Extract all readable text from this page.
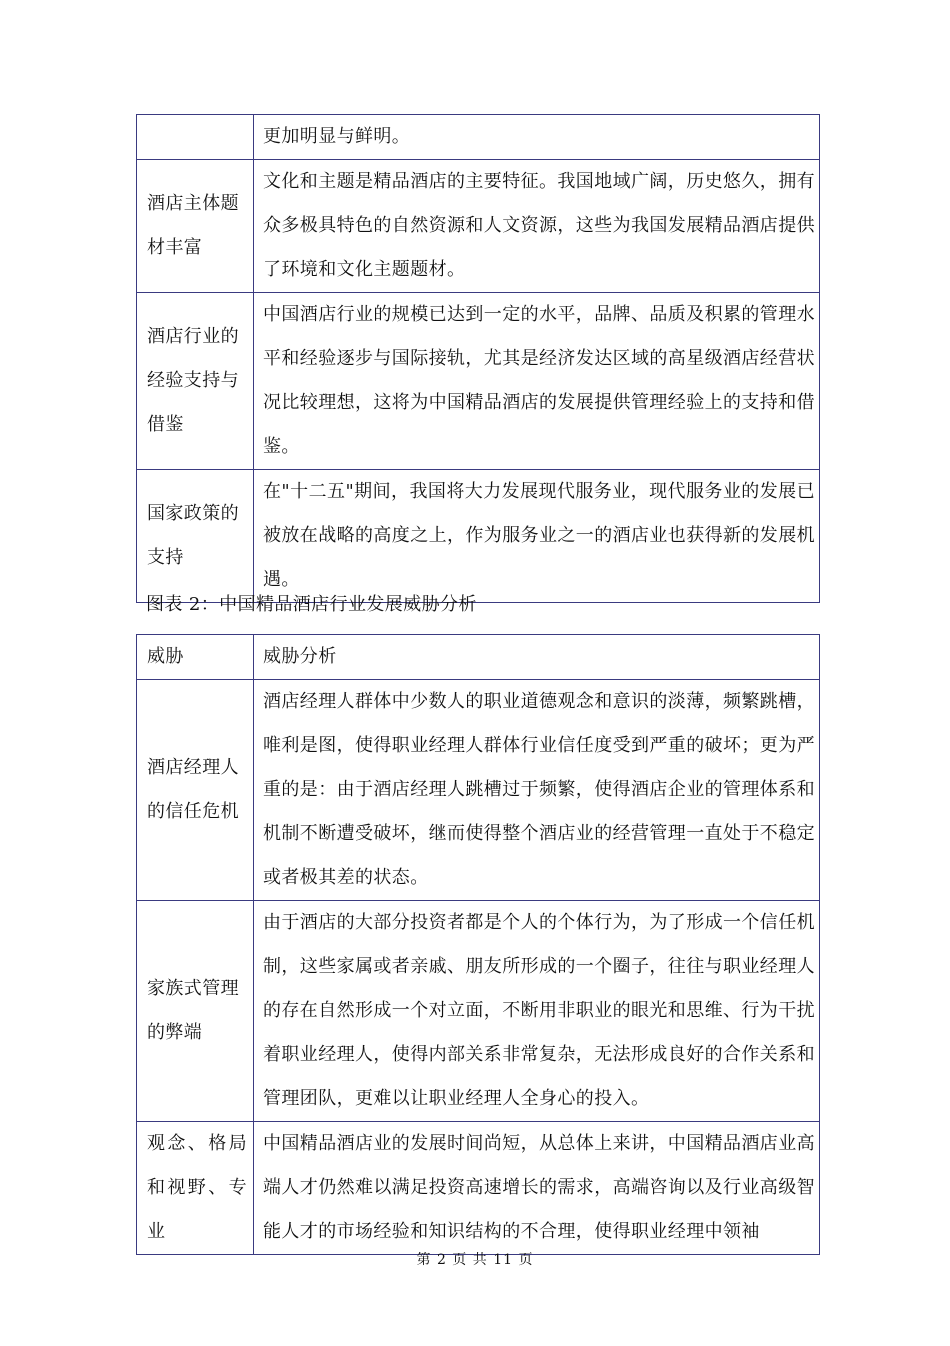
	更加明显与鲜明。
酒店主体题材丰富	文化和主题是精品酒店的主要特征。我国地域广阔，历史悠久，拥有众多极具特色的自然资源和人文资源，这些为我国发展精品酒店提供了环境和文化主题题材。
酒店行业的经验支持与借鉴	中国酒店行业的规模已达到一定的水平，品牌、品质及积累的管理水平和经验逐步与国际接轨，尤其是经济发达区域的高星级酒店经营状况比较理想，这将为中国精品酒店的发展提供管理经验上的支持和借鉴。
国家政策的支持	在"十二五"期间，我国将大力发展现代服务业，现代服务业的发展已被放在战略的高度之上，作为服务业之一的酒店业也获得新的发展机遇。
图表 2：中国精品酒店行业发展威胁分析
威胁	威胁分析
酒店经理人的信任危机	酒店经理人群体中少数人的职业道德观念和意识的淡薄，频繁跳槽，唯利是图，使得职业经理人群体行业信任度受到严重的破坏；更为严重的是：由于酒店经理人跳槽过于频繁，使得酒店企业的管理体系和机制不断遭受破坏，继而使得整个酒店业的经营管理一直处于不稳定或者极其差的状态。
家族式管理的弊端	由于酒店的大部分投资者都是个人的个体行为，为了形成一个信任机制，这些家属或者亲戚、朋友所形成的一个圈子，往往与职业经理人的存在自然形成一个对立面，不断用非职业的眼光和思维、行为干扰着职业经理人，使得内部关系非常复杂，无法形成良好的合作关系和管理团队，更难以让职业经理人全身心的投入。
观念、格局和视野、专业	中国精品酒店业的发展时间尚短，从总体上来讲，中国精品酒店业高端人才仍然难以满足投资高速增长的需求，高端咨询以及行业高级智能人才的市场经验和知识结构的不合理，使得职业经理中领袖
第 2 页 共 11 页
